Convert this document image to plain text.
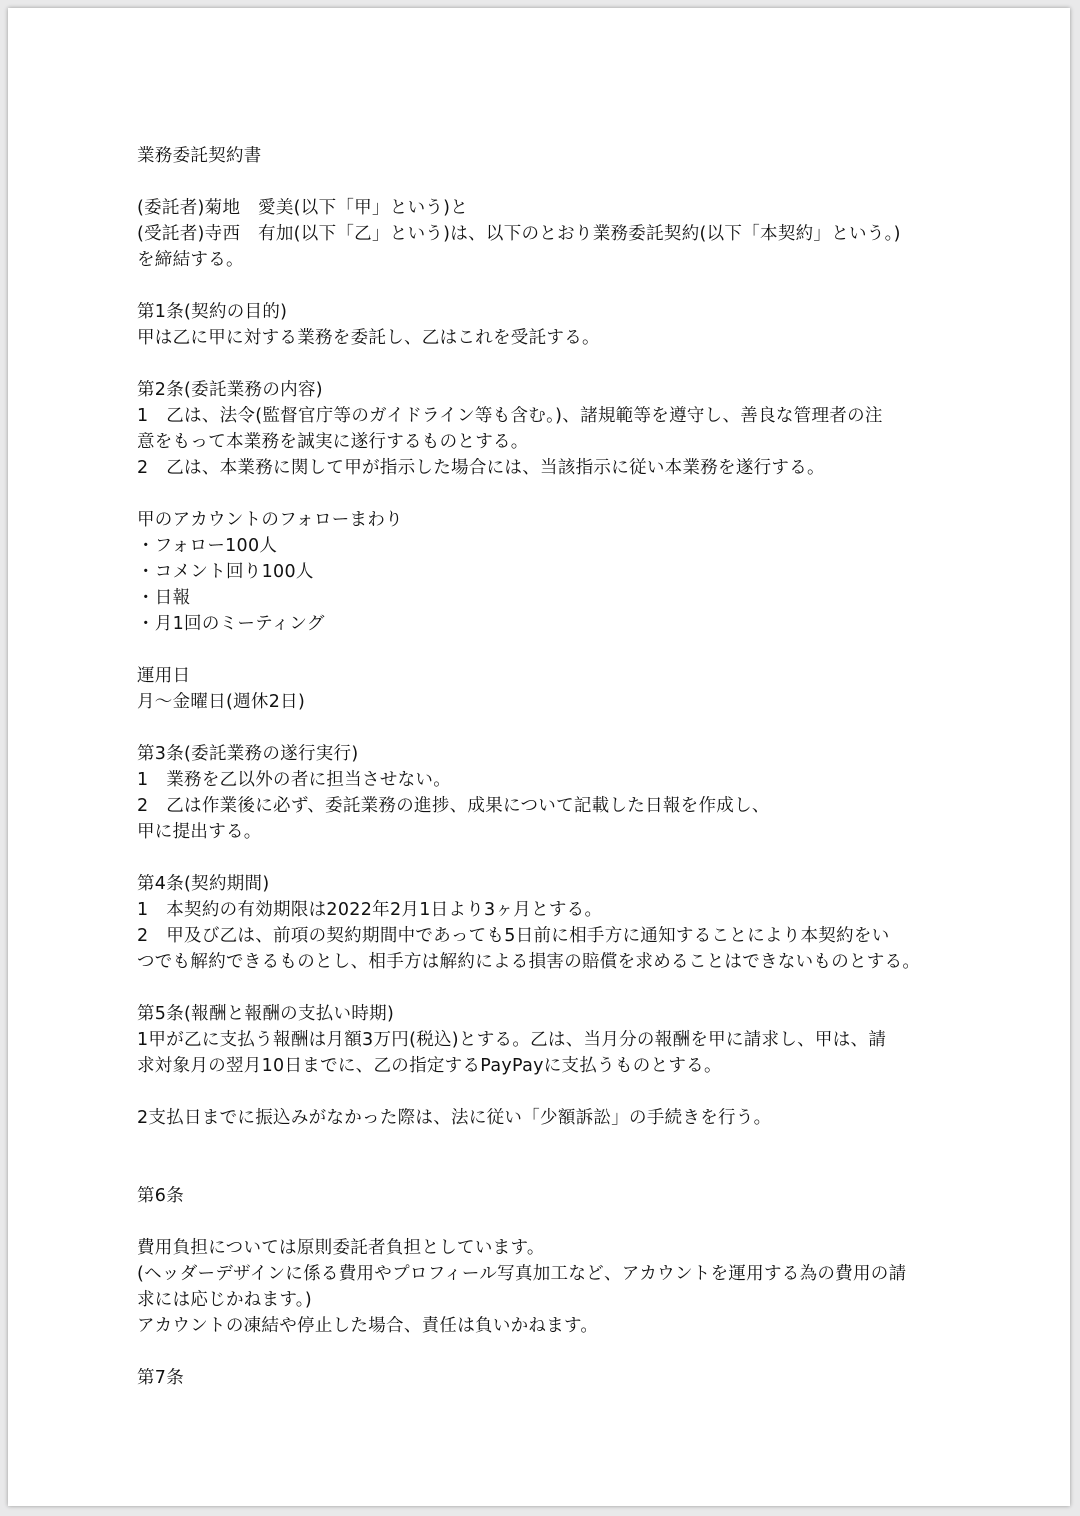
業務委託契約書
(委託者)菊地　愛美(以下「甲」という)と
(受託者)寺西　有加(以下「乙」という)は、以下のとおり業務委託契約(以下「本契約」という。)
を締結する。
第1条(契約の目的)
甲は乙に甲に対する業務を委託し、乙はこれを受託する。
第2条(委託業務の内容)
1　乙は、法令(監督官庁等のガイドライン等も含む。)、諸規範等を遵守し、善良な管理者の注
意をもって本業務を誠実に遂行するものとする。
2　乙は、本業務に関して甲が指示した場合には、当該指示に従い本業務を遂行する。
甲のアカウントのフォローまわり
・フォロー100人
・コメント回り100人
・日報
・月1回のミーティング
運用日
月～金曜日(週休2日)
第3条(委託業務の遂行実行)
1　業務を乙以外の者に担当させない。
2　乙は作業後に必ず、委託業務の進捗、成果について記載した日報を作成し、
甲に提出する。
第4条(契約期間)
1　本契約の有効期限は2022年2月1日より3ヶ月とする。
2　甲及び乙は、前項の契約期間中であっても5日前に相手方に通知することにより本契約をい
つでも解約できるものとし、相手方は解約による損害の賠償を求めることはできないものとする。
第5条(報酬と報酬の支払い時期)
1甲が乙に支払う報酬は月額3万円(税込)とする。乙は、当月分の報酬を甲に請求し、甲は、請
求対象月の翌月10日までに、乙の指定するPayPayに支払うものとする。
2支払日までに振込みがなかった際は、法に従い「少額訴訟」の手続きを行う。
第6条
費用負担については原則委託者負担としています。
(ヘッダーデザインに係る費用やプロフィール写真加工など、アカウントを運用する為の費用の請
求には応じかねます。)
アカウントの凍結や停止した場合、責任は負いかねます。
第7条
